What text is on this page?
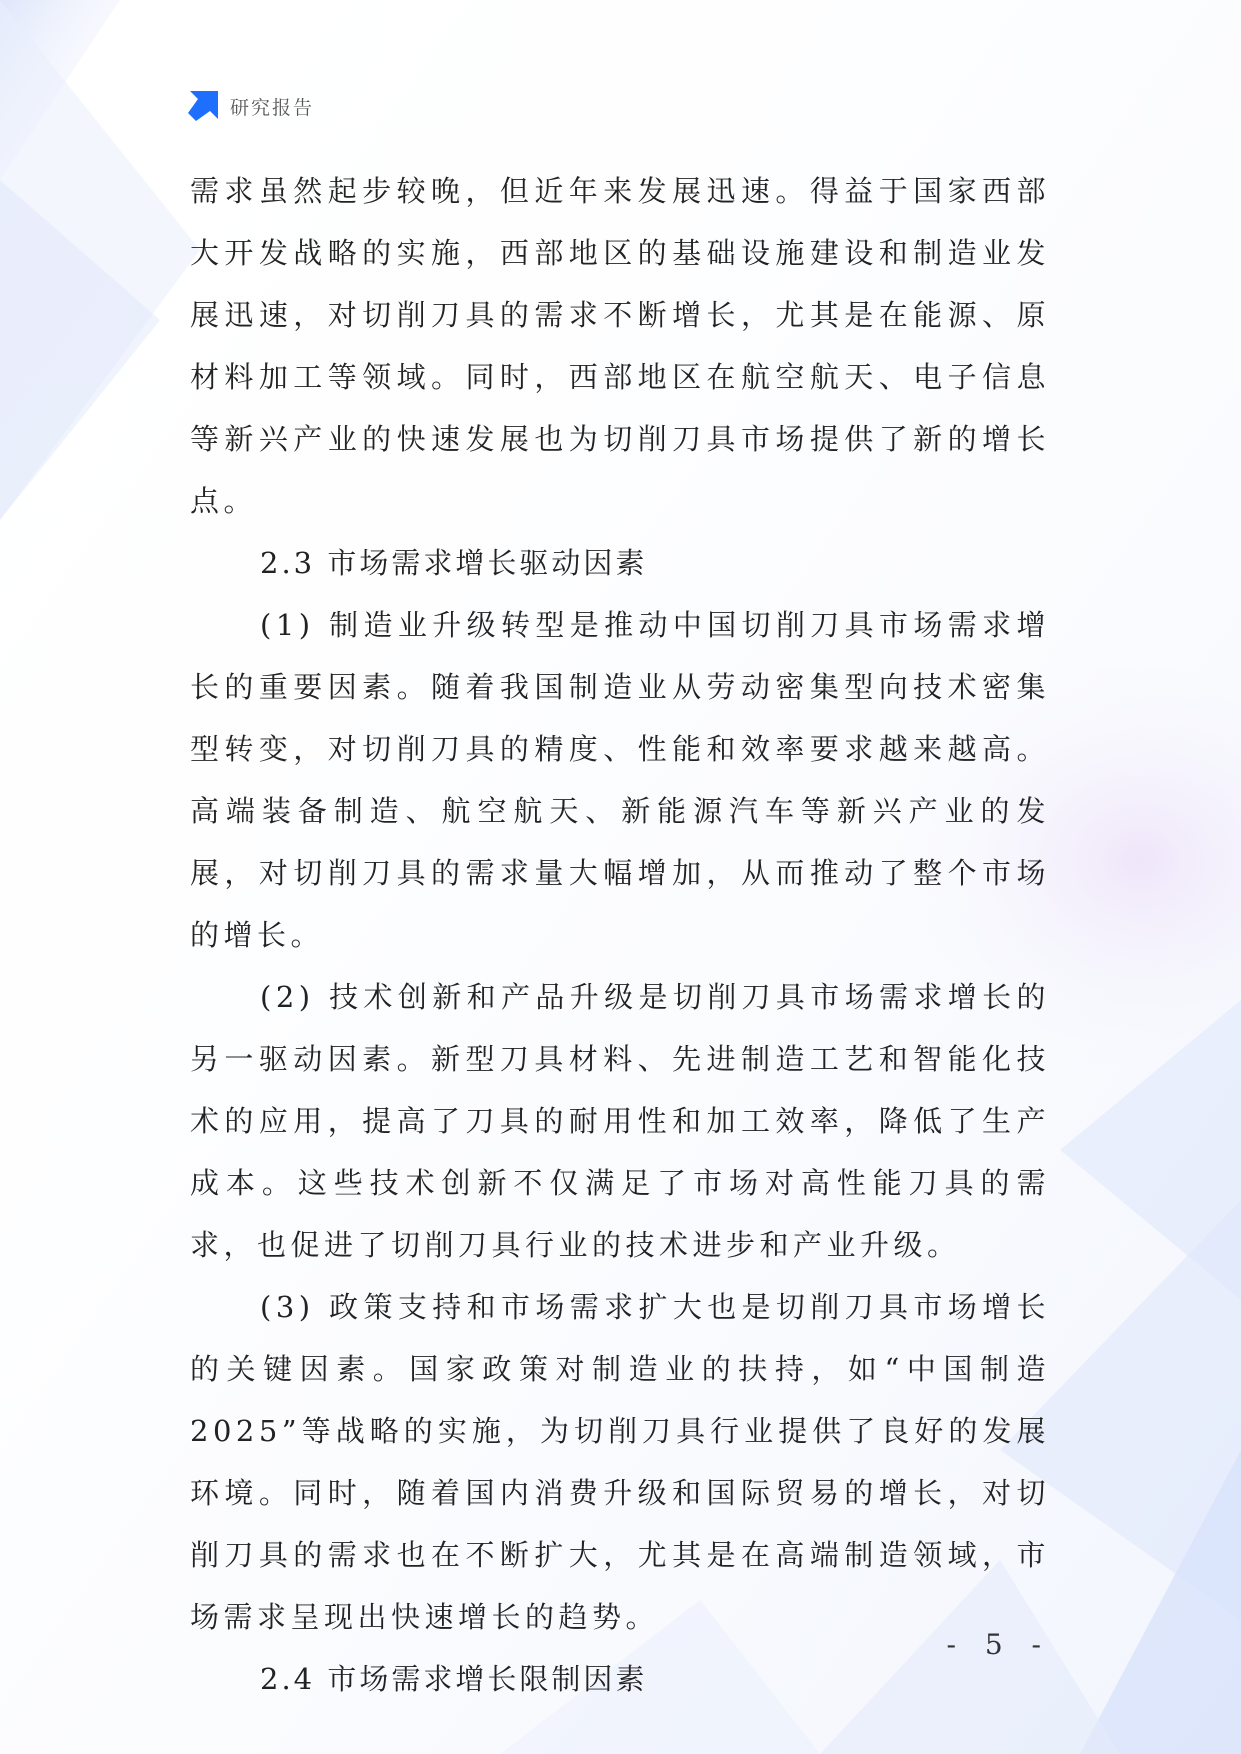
研究报告

需求虽然起步较晚，但近年来发展迅速。得益于国家西部大开发战略的实施，西部地区的基础设施建设和制造业发展迅速，对切削刀具的需求不断增长，尤其是在能源、原材料加工等领域。同时，西部地区在航空航天、电子信息等新兴产业的快速发展也为切削刀具市场提供了新的增长点。

2.3 市场需求增长驱动因素

(1) 制造业升级转型是推动中国切削刀具市场需求增长的重要因素。随着我国制造业从劳动密集型向技术密集型转变，对切削刀具的精度、性能和效率要求越来越高。高端装备制造、航空航天、新能源汽车等新兴产业的发展，对切削刀具的需求量大幅增加，从而推动了整个市场的增长。

(2) 技术创新和产品升级是切削刀具市场需求增长的另一驱动因素。新型刀具材料、先进制造工艺和智能化技术的应用，提高了刀具的耐用性和加工效率，降低了生产成本。这些技术创新不仅满足了市场对高性能刀具的需求，也促进了切削刀具行业的技术进步和产业升级。

(3) 政策支持和市场需求扩大也是切削刀具市场增长的关键因素。国家政策对制造业的扶持，如“中国制造2025”等战略的实施，为切削刀具行业提供了良好的发展环境。同时，随着国内消费升级和国际贸易的增长，对切削刀具的需求也在不断扩大，尤其是在高端制造领域，市场需求呈现出快速增长的趋势。

2.4 市场需求增长限制因素
- 5 -
